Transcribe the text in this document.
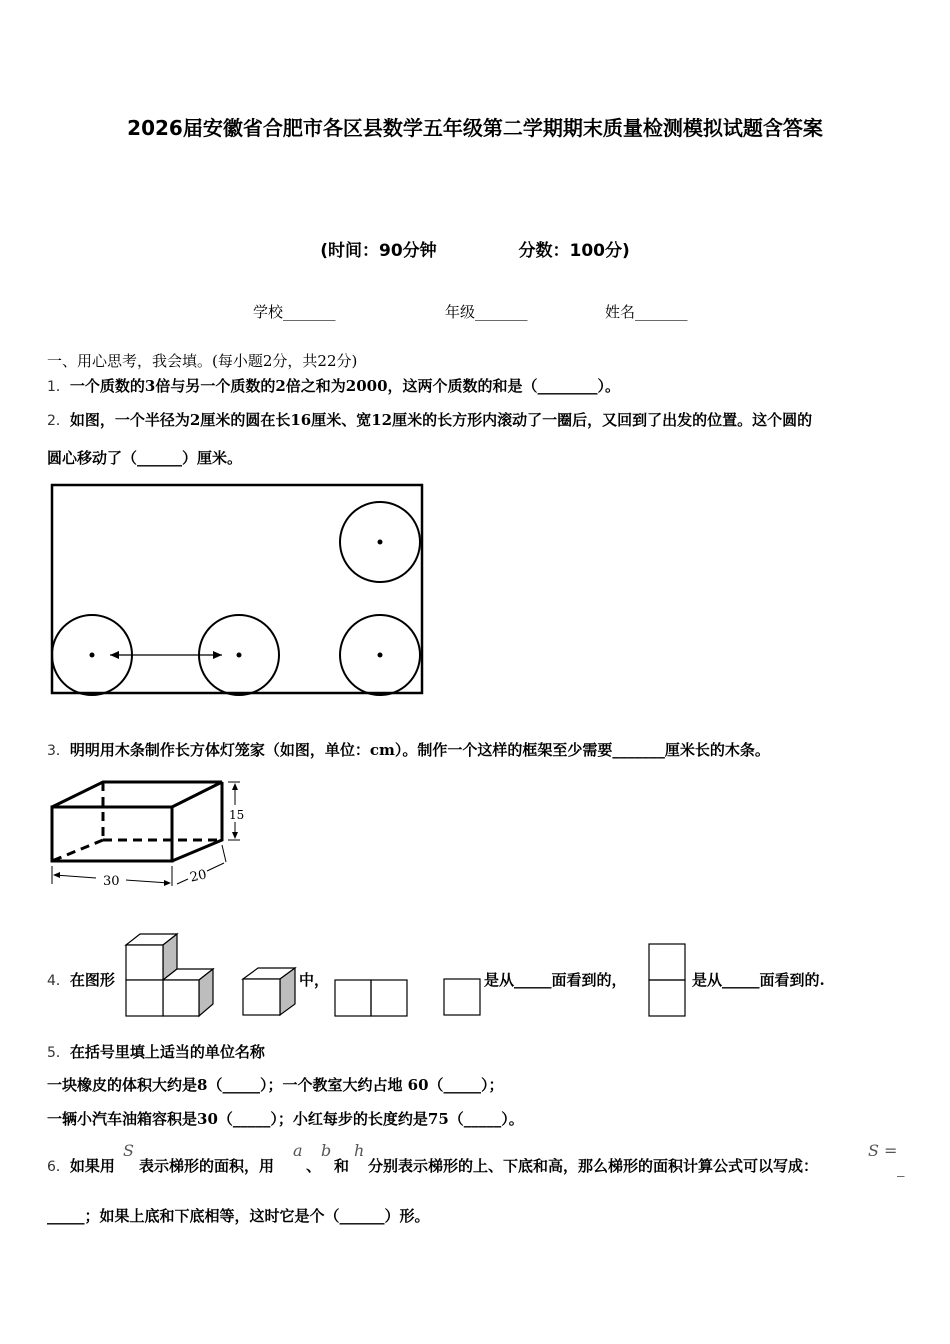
2026届安徽省合肥市各区县数学五年级第二学期期末质量检测模拟试题含答案
(时间：90分钟	分数：100分)
学校_______	年级_______	姓名_______
一、用心思考，我会填。(每小题2分，共22分)
1．一个质数的3倍与另一个质数的2倍之和为2000，这两个质数的和是（________）。
2．如图，一个半径为2厘米的圆在长16厘米、宽12厘米的长方形内滚动了一圈后，又回到了出发的位置。这个圆的
圆心移动了（______）厘米。
3．明明用木条制作长方体灯笼家（如图，单位：cm）。制作一个这样的框架至少需要_______厘米长的木条。
15
30	20
4．在图形	中，	是从_____面看到的，	是从_____面看到的.
5．在括号里填上适当的单位名称
一块橡皮的体积大约是8（_____）；一个教室大约占地 60（_____）；
一辆小汽车油箱容积是30（_____）；小红每步的长度约是75（_____）。
6．如果用
S
表示梯形的面积，用
a
、
b
和
h
分别表示梯形的上、下底和高，那么梯形的面积计算公式可以写成：
S =
_
_____；如果上底和下底相等，这时它是个（______）形。
